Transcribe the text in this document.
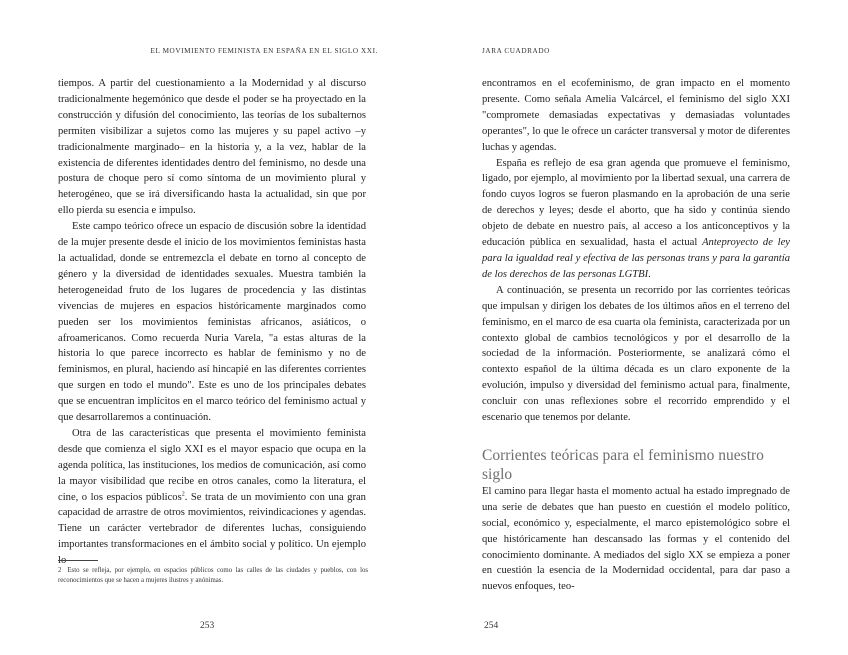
EL MOVIMIENTO FEMINISTA EN ESPAÑA EN EL SIGLO XXI.

tiempos. A partir del cuestionamiento a la Modernidad y al discurso tradicionalmente hegemónico que desde el poder se ha proyectado en la construcción y difusión del conocimiento, las teorías de los subalternos permiten visibilizar a sujetos como las mujeres y su papel activo –y tradicionalmente marginado– en la historia y, a la vez, hablar de la existencia de diferentes identidades dentro del feminismo, no desde una postura de choque pero sí como síntoma de un movimiento plural y heterogéneo, que se irá diversificando hasta la actualidad, sin que por ello pierda su esencia e impulso.

Este campo teórico ofrece un espacio de discusión sobre la identidad de la mujer presente desde el inicio de los movimientos feministas hasta la actualidad, donde se entremezcla el debate en torno al concepto de género y la diversidad de identidades sexuales. Muestra también la heterogeneidad fruto de los lugares de procedencia y las distintas vivencias de mujeres en espacios históricamente marginados como pueden ser los movimientos feministas africanos, asiáticos, o afroamericanos. Como recuerda Nuria Varela, "a estas alturas de la historia lo que parece incorrecto es hablar de feminismo y no de feminismos, en plural, haciendo así hincapié en las diferentes corrientes que surgen en todo el mundo". Este es uno de los principales debates que se encuentran implícitos en el marco teórico del feminismo actual y que desarrollaremos a continuación.

Otra de las características que presenta el movimiento feminista desde que comienza el siglo XXI es el mayor espacio que ocupa en la agenda política, las instituciones, los medios de comunicación, así como la mayor visibilidad que recibe en otros canales, como la literatura, el cine, o los espacios públicos$^2$. Se trata de un movimiento con una gran capacidad de arrastre de otros movimientos, reivindicaciones y agendas. Tiene un carácter vertebrador de diferentes luchas, consiguiendo importantes transformaciones en el ámbito social y político. Un ejemplo lo

2 Esto se refleja, por ejemplo, en espacios públicos como las calles de las ciudades y pueblos, con los reconocimientos que se hacen a mujeres ilustres y anónimas.
253
JARA CUADRADO

encontramos en el ecofeminismo, de gran impacto en el momento presente. Como señala Amelia Valcárcel, el feminismo del siglo XXI "compromete demasiadas expectativas y demasiadas voluntades operantes", lo que le ofrece un carácter transversal y motor de diferentes luchas y agendas.

España es reflejo de esa gran agenda que promueve el feminismo, ligado, por ejemplo, al movimiento por la libertad sexual, una carrera de fondo cuyos logros se fueron plasmando en la aprobación de una serie de derechos y leyes; desde el aborto, que ha sido y continúa siendo objeto de debate en nuestro país, al acceso a los anticonceptivos y la educación pública en sexualidad, hasta el actual Anteproyecto de ley para la igualdad real y efectiva de las personas trans y para la garantía de los derechos de las personas LGTBI.

A continuación, se presenta un recorrido por las corrientes teóricas que impulsan y dirigen los debates de los últimos años en el terreno del feminismo, en el marco de esa cuarta ola feminista, caracterizada por un contexto global de cambios tecnológicos y por el desarrollo de la sociedad de la información. Posteriormente, se analizará cómo el contexto español de la última década es un claro exponente de la evolución, impulso y diversidad del feminismo actual para, finalmente, concluir con unas reflexiones sobre el recorrido emprendido y el escenario que tenemos por delante.

Corrientes teóricas para el feminismo nuestro siglo

El camino para llegar hasta el momento actual ha estado impregnado de una serie de debates que han puesto en cuestión el modelo político, social, económico y, especialmente, el marco epistemológico sobre el que históricamente han descansado las formas y el contenido del conocimiento dominante. A mediados del siglo XX se empieza a poner en cuestión la esencia de la Modernidad occidental, para dar paso a nuevos enfoques, teo-

254
